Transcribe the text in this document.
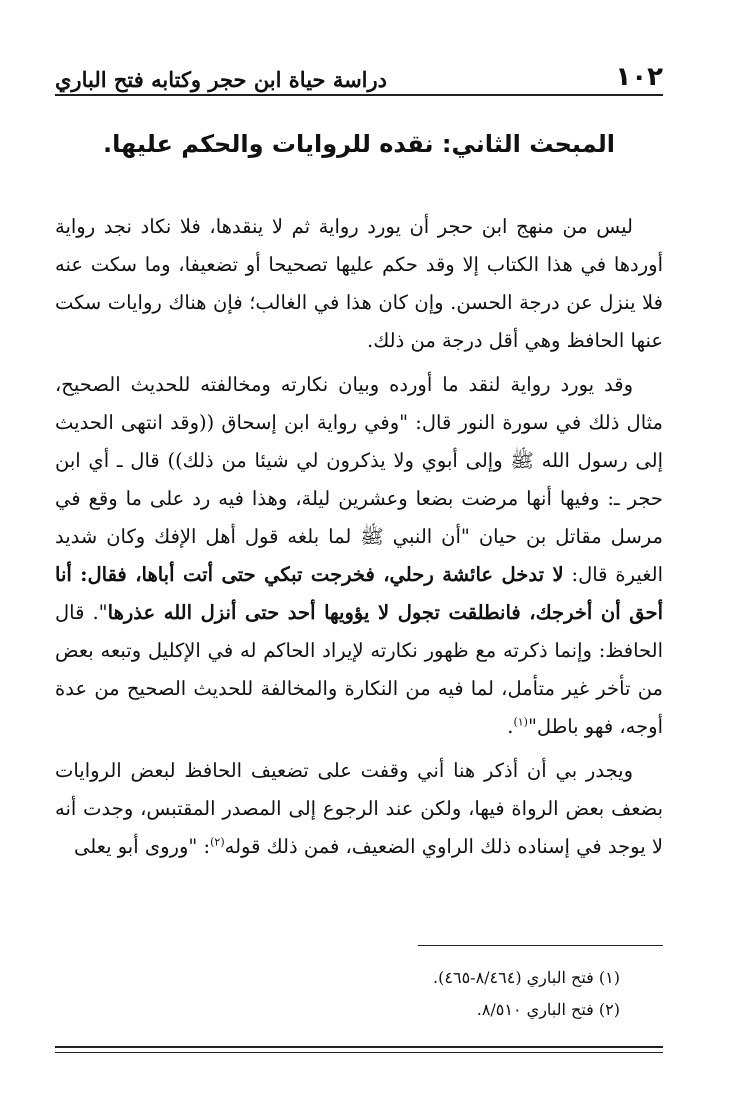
١٠٢
دراسة حياة ابن حجر وكتابه فتح الباري
المبحث الثاني: نقده للروايات والحكم عليها.

ليس من منهج ابن حجر أن يورد رواية ثم لا ينقدها، فلا نكاد نجد رواية أوردها في هذا الكتاب إلا وقد حكم عليها تصحيحا أو تضعيفا، وما سكت عنه فلا ينزل عن درجة الحسن. وإن كان هذا في الغالب؛ فإن هناك روايات سكت عنها الحافظ وهي أقل درجة من ذلك.

وقد يورد رواية لنقد ما أورده وبيان نكارته ومخالفته للحديث الصحيح، مثال ذلك في سورة النور قال: "وفي رواية ابن إسحاق ((وقد انتهى الحديث إلى رسول الله ﷺ وإلى أبوي ولا يذكرون لي شيئا من ذلك)) قال ـ أي ابن حجر ـ: وفيها أنها مرضت بضعا وعشرين ليلة، وهذا فيه رد على ما وقع في مرسل مقاتل بن حيان "أن النبي ﷺ لما بلغه قول أهل الإفك وكان شديد الغيرة قال: لا تدخل عائشة رحلي، فخرجت تبكي حتى أتت أباها، فقال: أنا أحق أن أخرجك، فانطلقت تجول لا يؤويها أحد حتى أنزل الله عذرها". قال الحافظ: وإنما ذكرته مع ظهور نكارته لإيراد الحاكم له في الإكليل وتبعه بعض من تأخر غير متأمل، لما فيه من النكارة والمخالفة للحديث الصحيح من عدة أوجه، فهو باطل"$^{(١)}$.

ويجدر بي أن أذكر هنا أني وقفت على تضعيف الحافظ لبعض الروايات بضعف بعض الرواة فيها، ولكن عند الرجوع إلى المصدر المقتبس، وجدت أنه لا يوجد في إسناده ذلك الراوي الضعيف، فمن ذلك قوله$^{(٢)}$: "وروى أبو يعلى

(١) فتح الباري (٨/٤٦٤-٤٦٥).
(٢) فتح الباري ٨/٥١٠.
